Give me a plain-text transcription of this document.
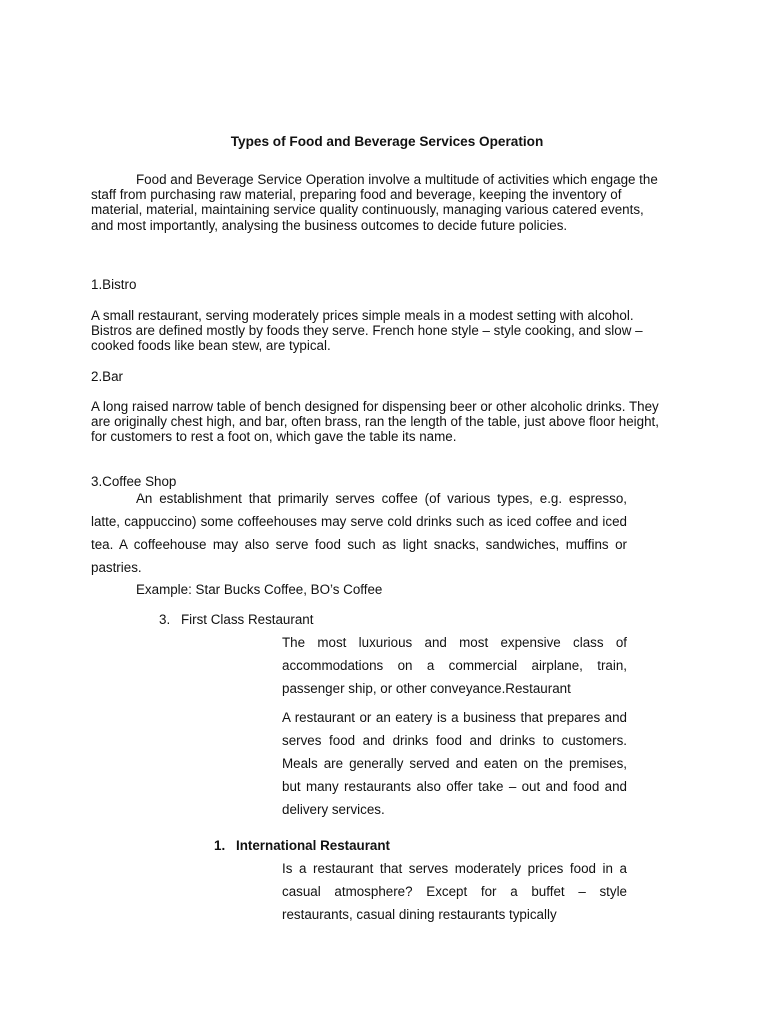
Types of Food and Beverage Services Operation

Food and Beverage Service Operation involve a multitude of activities which engage the staff from purchasing raw material, preparing food and beverage, keeping the inventory of material, material, maintaining service quality continuously, managing various catered events, and most importantly, analysing the business outcomes to decide future policies.

1.Bistro

A small restaurant, serving moderately prices simple meals in a modest setting with alcohol. Bistros are defined mostly by foods they serve. French hone style – style cooking, and slow – cooked foods like bean stew, are typical.

2.Bar

A long raised narrow table of bench designed for dispensing beer or other alcoholic drinks. They are originally chest high, and bar, often brass, ran the length of the table, just above floor height, for customers to rest a foot on, which gave the table its name.

3.Coffee Shop

An establishment that primarily serves coffee (of various types, e.g. espresso, latte, cappuccino) some coffeehouses may serve cold drinks such as iced coffee and iced tea. A coffeehouse may also serve food such as light snacks, sandwiches, muffins or pastries.

Example: Star Bucks Coffee, BO’s Coffee
3. First Class Restaurant

The most luxurious and most expensive class of accommodations on a commercial airplane, train, passenger ship, or other conveyance.Restaurant

A restaurant or an eatery is a business that prepares and serves food and drinks food and drinks to customers. Meals are generally served and eaten on the premises, but many restaurants also offer take – out and food and delivery services.

1. International Restaurant

Is a restaurant that serves moderately prices food in a casual atmosphere? Except for a buffet – style restaurants, casual dining restaurants typically
